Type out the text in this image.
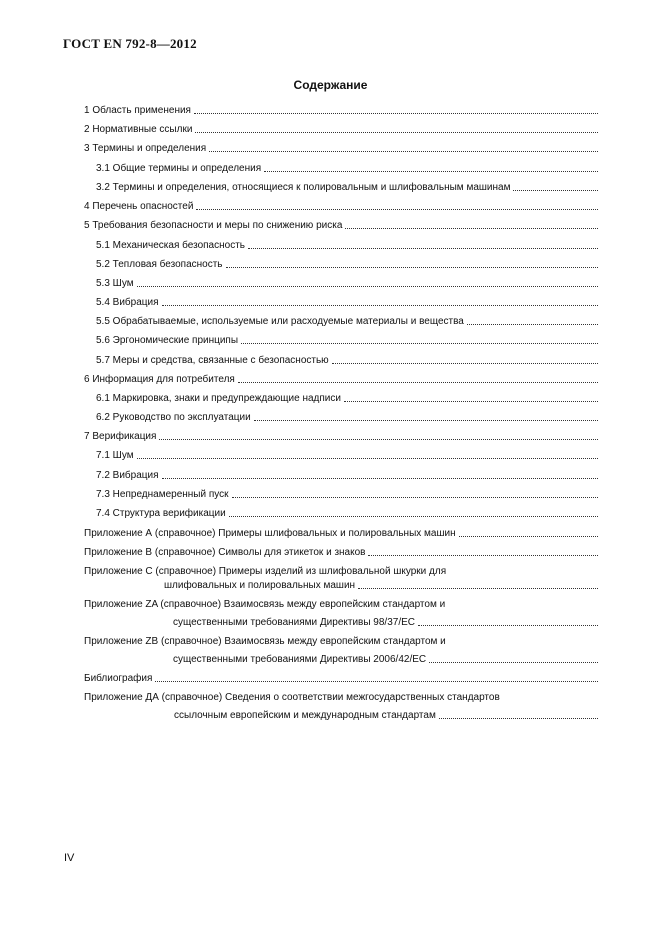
ГОСТ EN 792-8—2012
Содержание
1 Область применения
2 Нормативные ссылки
3 Термины и определения
3.1 Общие термины и определения
3.2 Термины и определения, относящиеся к полировальным и шлифовальным машинам
4 Перечень опасностей
5 Требования безопасности и меры по снижению риска
5.1 Механическая безопасность
5.2 Тепловая безопасность
5.3 Шум
5.4 Вибрация
5.5 Обрабатываемые, используемые или расходуемые материалы и вещества
5.6 Эргономические принципы
5.7 Меры и средства, связанные с безопасностью
6 Информация для потребителя
6.1 Маркировка, знаки и предупреждающие надписи
6.2 Руководство по эксплуатации
7 Верификация
7.1 Шум
7.2 Вибрация
7.3 Непреднамеренный пуск
7.4 Структура верификации
Приложение А (справочное) Примеры шлифовальных и полировальных машин
Приложение В (справочное) Символы для этикеток и знаков
Приложение С (справочное) Примеры изделий из шлифовальной шкурки для
шлифовальных и полировальных машин
Приложение ZA (справочное) Взаимосвязь между европейским стандартом и
существенными требованиями Директивы 98/37/ЕС
Приложение ZB (справочное) Взаимосвязь между европейским стандартом и
существенными требованиями Директивы 2006/42/ЕС
Библиография
Приложение ДА (справочное) Сведения о соответствии межгосударственных стандартов
ссылочным европейским и международным стандартам
IV
